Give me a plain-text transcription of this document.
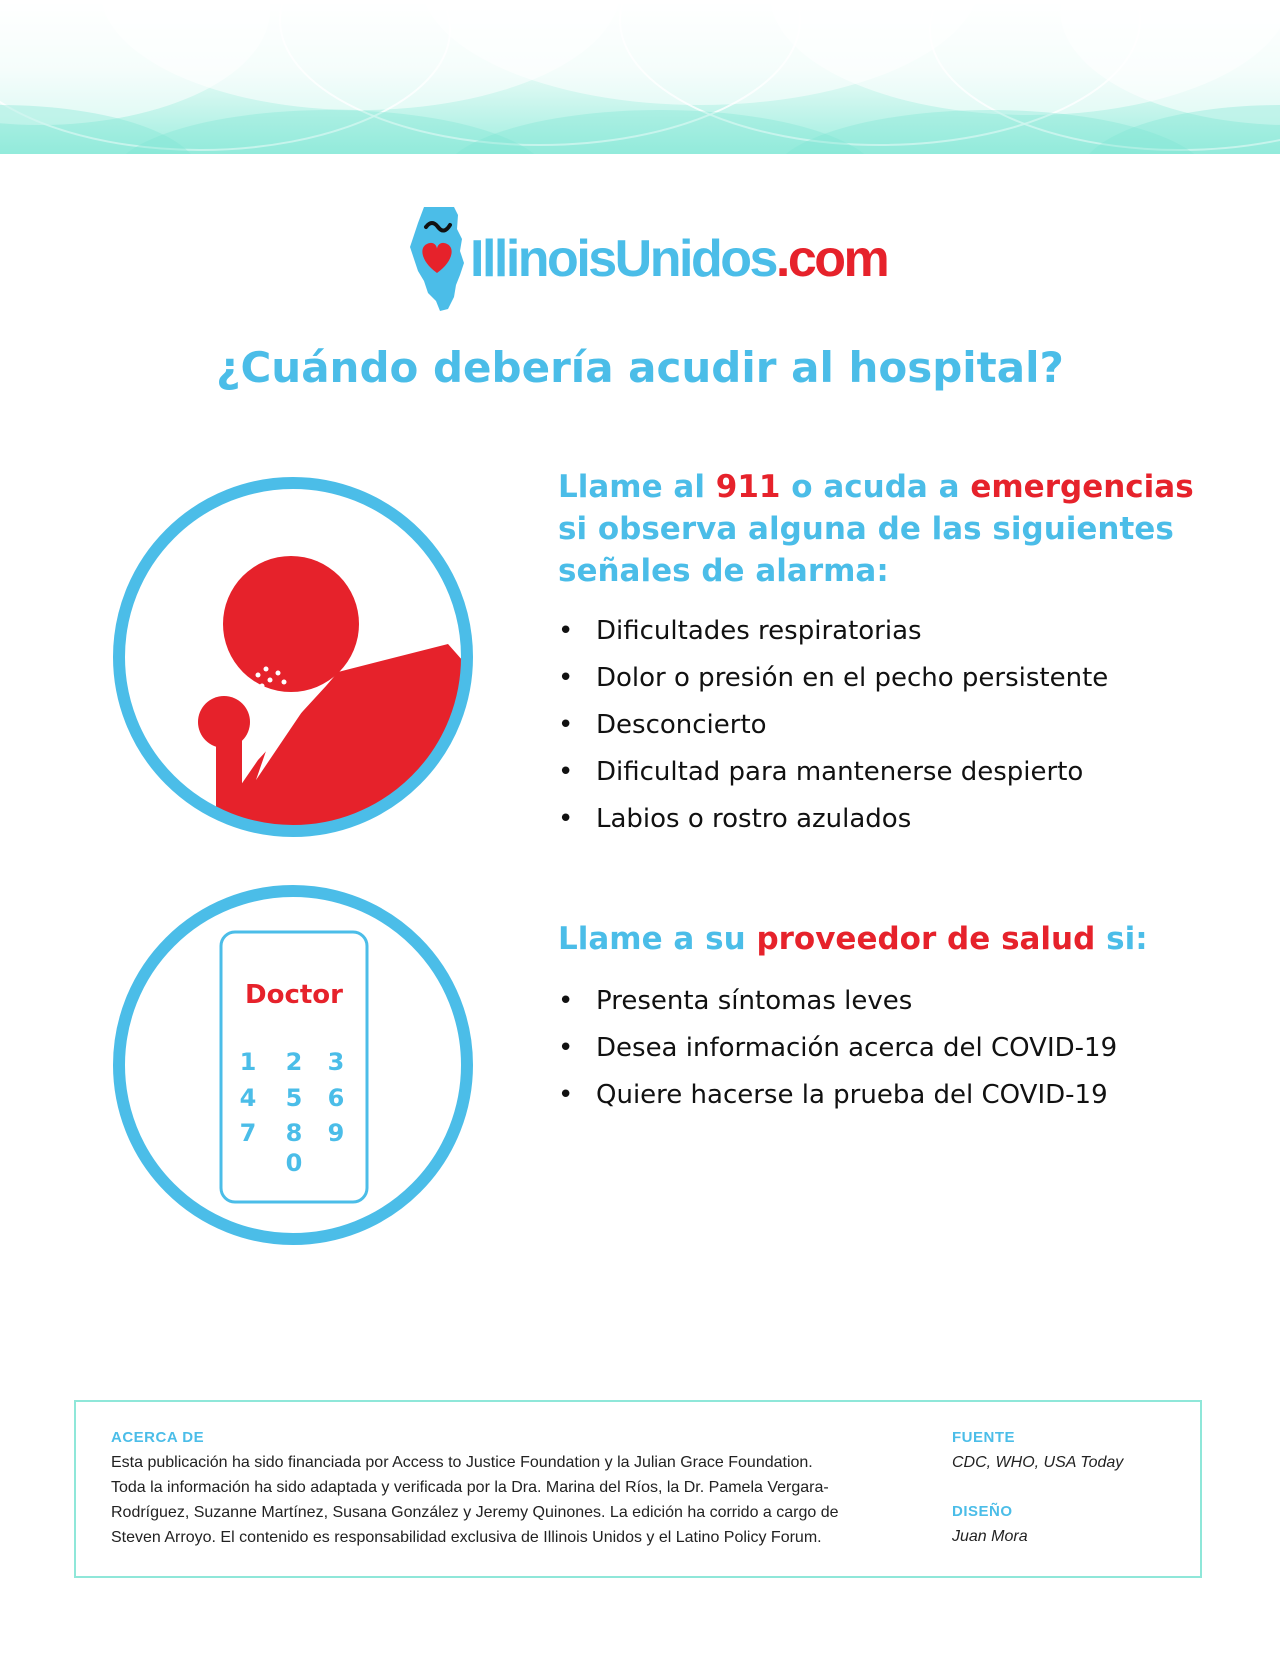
IllinoisUnidos.com
¿Cuándo debería acudir al hospital?
Doctor
1 2 3
4 5 6
7 8 9
0
Llame al 911 o acuda a emergencias si observa alguna de las siguientes señales de alarma:
• Dificultades respiratorias
• Dolor o presión en el pecho persistente
• Desconcierto
• Dificultad para mantenerse despierto
• Labios o rostro azulados
Llame a su proveedor de salud si:
• Presenta síntomas leves
• Desea información acerca del COVID-19
• Quiere hacerse la prueba del COVID-19
ACERCA DE
Esta publicación ha sido financiada por Access to Justice Foundation y la Julian Grace Foundation.
Toda la información ha sido adaptada y verificada por la Dra. Marina del Ríos, la Dr. Pamela Vergara-
Rodríguez, Suzanne Martínez, Susana González y Jeremy Quinones. La edición ha corrido a cargo de
Steven Arroyo. El contenido es responsabilidad exclusiva de Illinois Unidos y el Latino Policy Forum.
FUENTE
CDC, WHO, USA Today
DISEÑO
Juan Mora
